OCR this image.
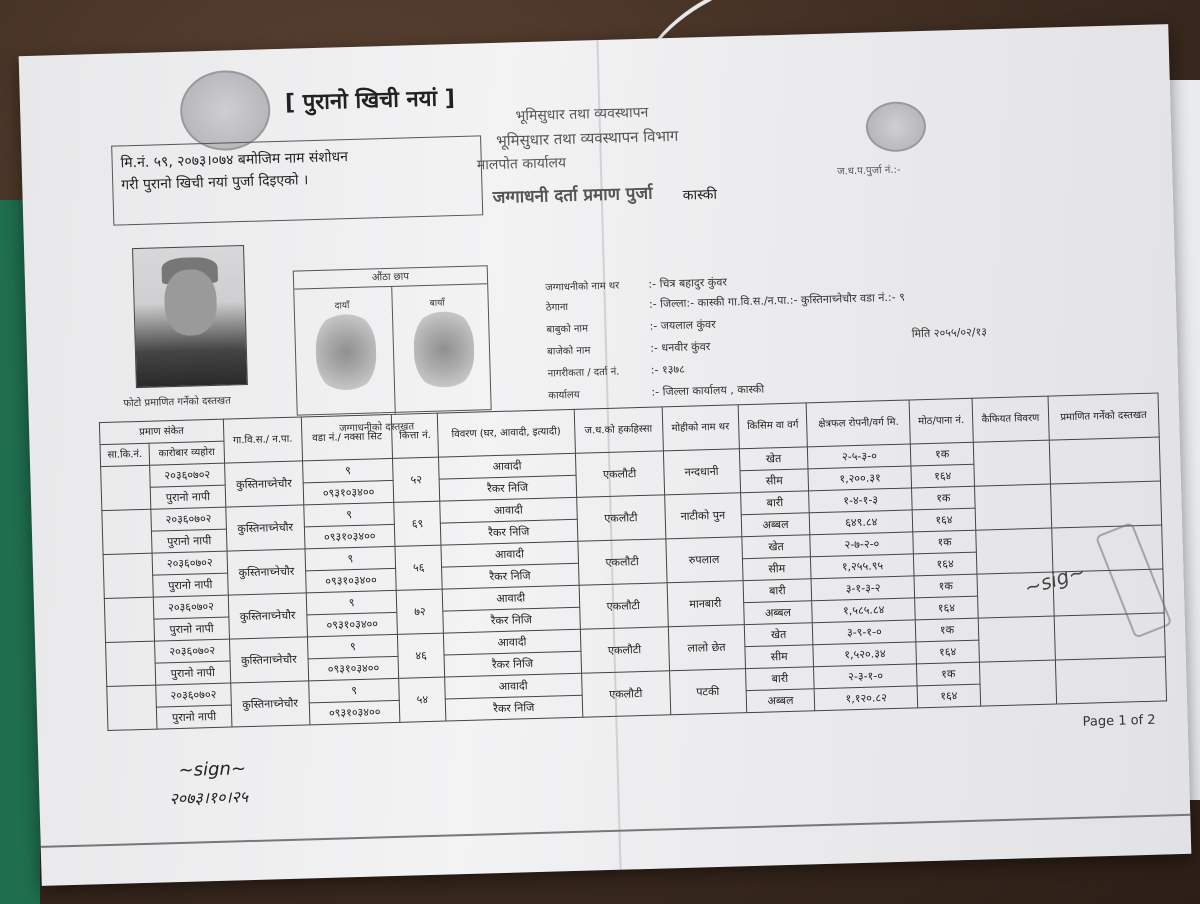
[ पुरानो खिची नयां ]	भूमिसुधार तथा व्यवस्थापन
भूमिसुधार तथा व्यवस्थापन विभाग
मालपोत कार्यालय
जग्गाधनी दर्ता प्रमाण पुर्जा कास्की
ज.ध.प.पुर्जा नं.:-
मि.नं. ५९, २०७३।०७४ बमोजिम नाम संशोधन
गरी पुरानो खिची नयां पुर्जा दिइएको ।
फोटो प्रमाणित गर्नेको दस्तखत
औंठा छाप
दायाँ	बायाँ
जग्गाधनीको दस्तखत
जग्गाधनीको नाम थर	:- चित्र बहादुर कुंवर
ठेगाना	:- जिल्ला:- कास्की गा.वि.स./न.पा.:- कुस्तिनाच्नेचौर वडा नं.:- ९
बाबुको नाम	:- जयलाल कुंवर
बाजेको नाम	:- धनवीर कुंवर
नागरीकता / दर्ता नं.	:- १३७८
कार्यालय	:- जिल्ला कार्यालय , कास्की
मिति २०५५/०२/१३
प्रमाण संकेत		गा.वि.स./ न.पा.	वडा नं./ नक्सा सिट	कित्ता नं.	विवरण (घर, आवादी, इत्यादी)	ज.ध.को हकहिस्सा	मोहीको नाम थर	किसिम वा वर्ग	क्षेत्रफल रोपनी/वर्ग मि.	मोठ/पाना नं.	कैफियत विवरण	प्रमाणित गर्नेको दस्तखत
सा.कि.नं.	कारोबार व्यहोरा											
	२०३६०७०२	कुस्तिनाच्नेचौर	९	५२	आवादी	एकलौटी	नन्दधानी	खेत	२-५-३-०	१क		
	पुरानो नापी		०९३१०३४००		रैकर निजि			सीम	१,२००.३१	१६४		
	२०३६०७०२	कुस्तिनाच्नेचौर	९	६९	आवादी	एकलौटी	नाटीको पुन	बारी	१-४-१-३	१क		
	पुरानो नापी		०९३१०३४००		रैकर निजि			अब्बल	६४९.८४	१६४		
	२०३६०७०२	कुस्तिनाच्नेचौर	९	५६	आवादी	एकलौटी	रुपलाल	खेत	२-७-२-०	१क		
	पुरानो नापी		०९३१०३४००		रैकर निजि			सीम	१,२५५.९५	१६४		
	२०३६०७०२	कुस्तिनाच्नेचौर	९	७२	आवादी	एकलौटी	मानबारी	बारी	३-१-३-२	१क		
	पुरानो नापी		०९३१०३४००		रैकर निजि			अब्बल	१,५८५.८४	१६४		
	२०३६०७०२	कुस्तिनाच्नेचौर	९	४६	आवादी	एकलौटी	लालो छेत	खेत	३-९-१-०	१क		
	पुरानो नापी		०९३१०३४००		रैकर निजि			सीम	१,५२०.३४	१६४		
	२०३६०७०२	कुस्तिनाच्नेचौर	९	५४	आवादी	एकलौटी	पटकी	बारी	२-३-१-०	१क		
	पुरानो नापी		०९३१०३४००		रैकर निजि			अब्बल	१,१२०.८२	१६४		
~sig~
Page 1 of 2
~sign~
२०७३।१०।२५
